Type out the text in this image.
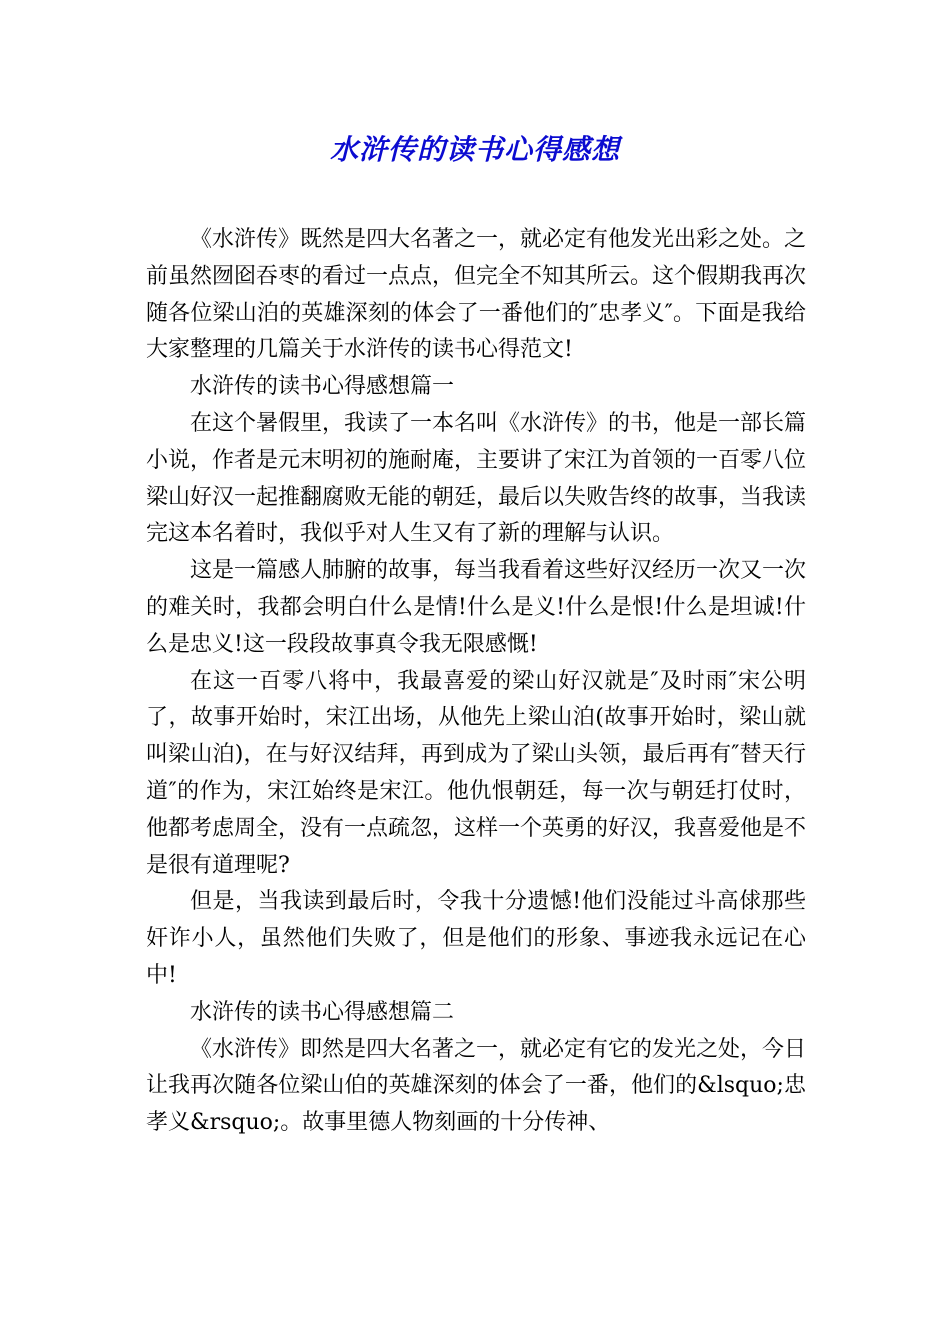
水浒传的读书心得感想

《水浒传》既然是四大名著之一，就必定有他发光出彩之处。之前虽然囫囵吞枣的看过一点点，但完全不知其所云。这个假期我再次随各位梁山泊的英雄深刻的体会了一番他们的″忠孝义″。下面是我给大家整理的几篇关于水浒传的读书心得范文!

水浒传的读书心得感想篇一

在这个暑假里，我读了一本名叫《水浒传》的书，他是一部长篇小说，作者是元末明初的施耐庵，主要讲了宋江为首领的一百零八位梁山好汉一起推翻腐败无能的朝廷，最后以失败告终的故事，当我读完这本名着时，我似乎对人生又有了新的理解与认识。

这是一篇感人肺腑的故事，每当我看着这些好汉经历一次又一次的难关时，我都会明白什么是情!什么是义!什么是恨!什么是坦诚!什么是忠义!这一段段故事真令我无限感慨!

在这一百零八将中，我最喜爱的梁山好汉就是″及时雨″宋公明了，故事开始时，宋江出场，从他先上梁山泊(故事开始时，梁山就叫梁山泊)，在与好汉结拜，再到成为了梁山头领，最后再有″替天行道″的作为，宋江始终是宋江。他仇恨朝廷，每一次与朝廷打仗时，他都考虑周全，没有一点疏忽，这样一个英勇的好汉，我喜爱他是不是很有道理呢?

但是，当我读到最后时，令我十分遗憾!他们没能过斗高俅那些奸诈小人，虽然他们失败了，但是他们的形象、事迹我永远记在心中!

水浒传的读书心得感想篇二

《水浒传》即然是四大名著之一，就必定有它的发光之处，今日让我再次随各位梁山伯的英雄深刻的体会了一番，他们的&lsquo;忠孝义&rsquo;。故事里德人物刻画的十分传神、
